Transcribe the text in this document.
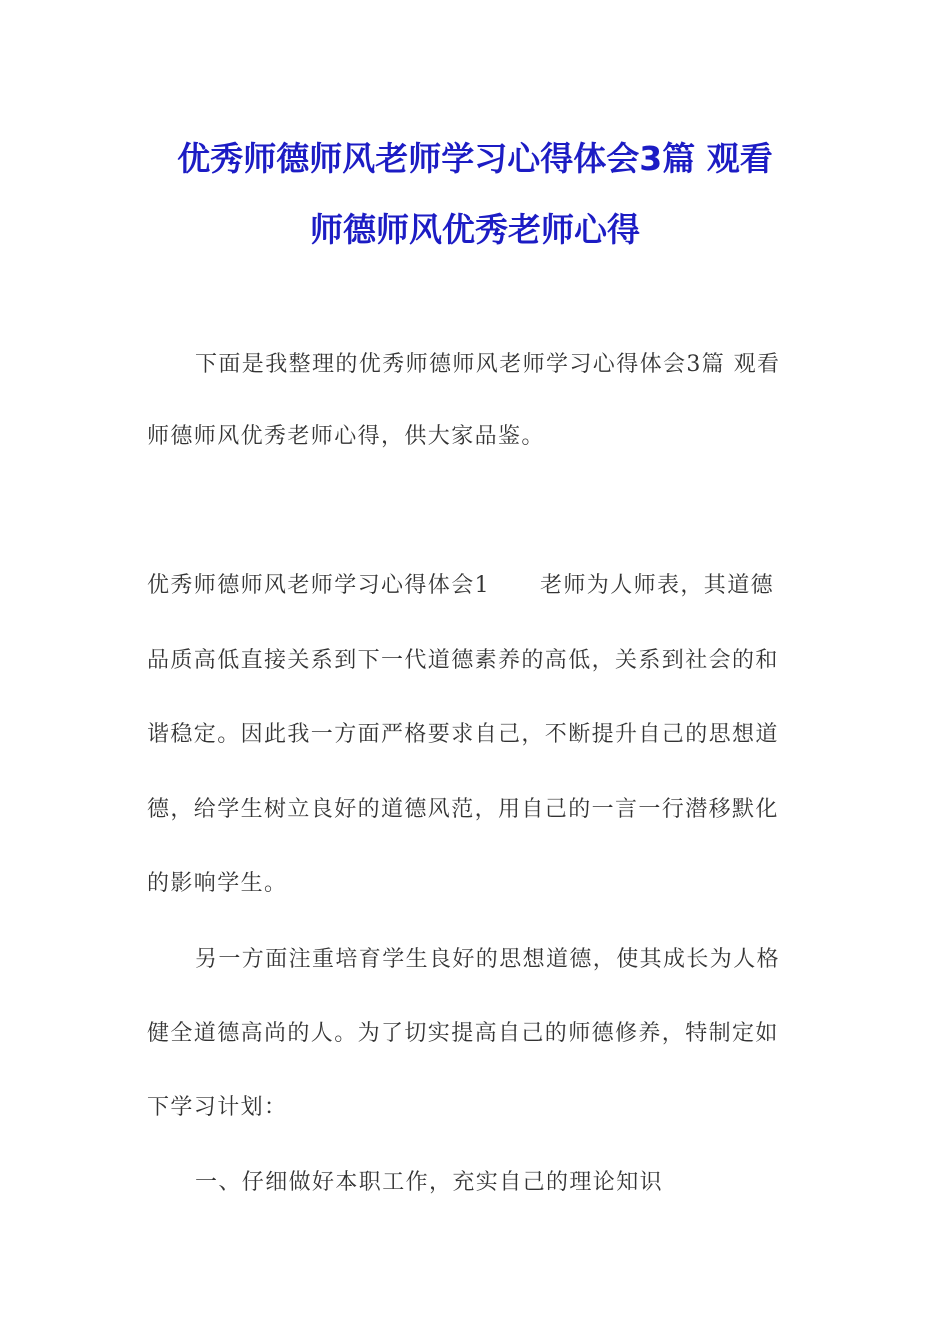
优秀师德师风老师学习心得体会3篇 观看
师德师风优秀老师心得
下面是我整理的优秀师德师风老师学习心得体会3篇 观看
师德师风优秀老师心得，供大家品鉴。
优秀师德师风老师学习心得体会1 老师为人师表，其道德
品质高低直接关系到下一代道德素养的高低，关系到社会的和
谐稳定。因此我一方面严格要求自己，不断提升自己的思想道
德，给学生树立良好的道德风范，用自己的一言一行潜移默化
的影响学生。
另一方面注重培育学生良好的思想道德，使其成长为人格
健全道德高尚的人。为了切实提高自己的师德修养，特制定如
下学习计划：
一、仔细做好本职工作，充实自己的理论知识
